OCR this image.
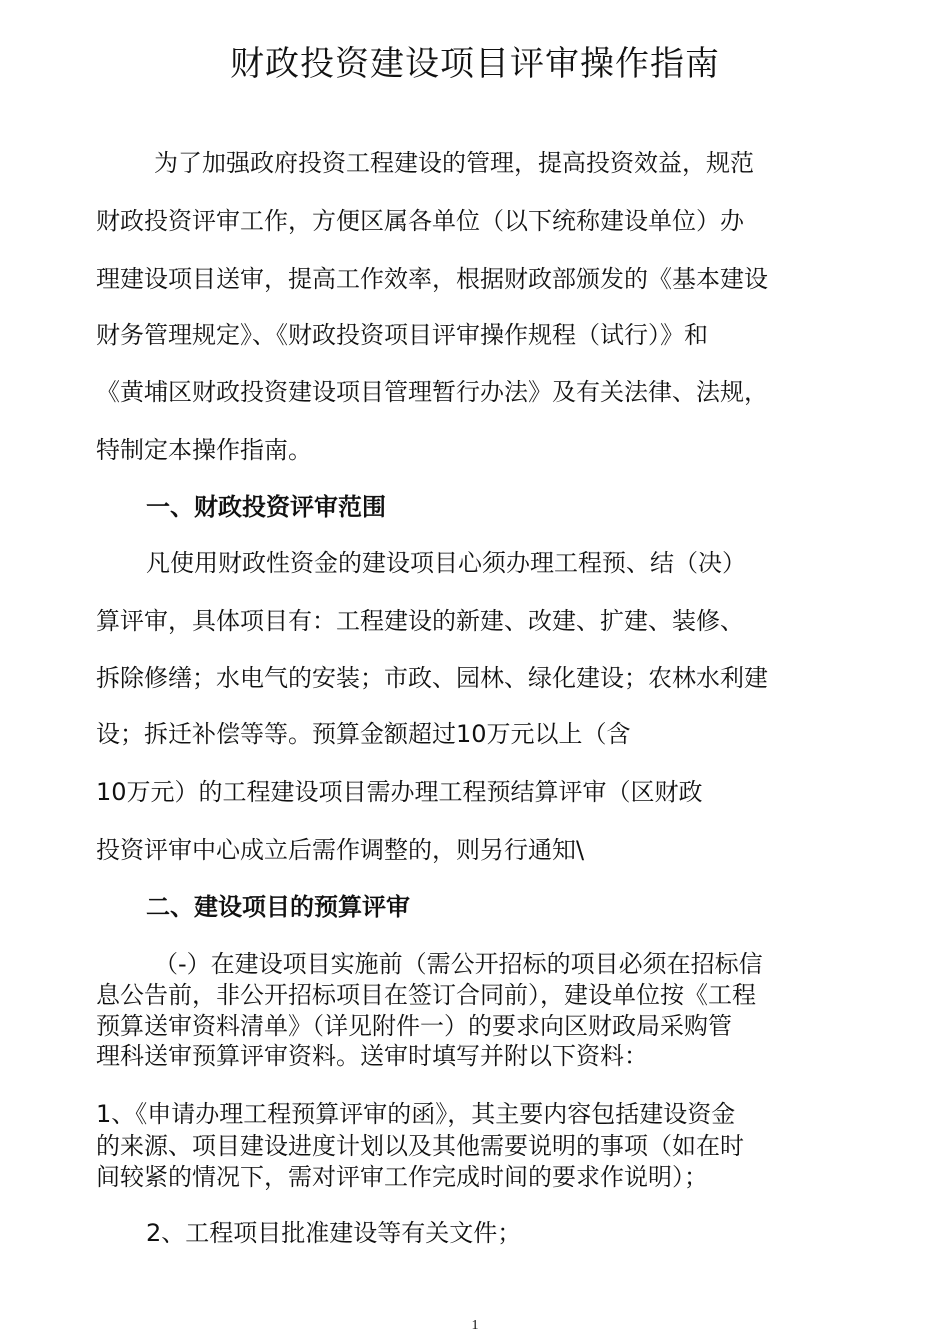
财政投资建设项目评审操作指南
为了加强政府投资工程建设的管理，提高投资效益，规范
财政投资评审工作，方便区属各单位（以下统称建设单位）办
理建设项目送审，提高工作效率，根据财政部颁发的《基本建设
财务管理规定》、《财政投资项目评审操作规程（试行）》和
《黄埔区财政投资建设项目管理暂行办法》及有关法律、法规，
特制定本操作指南。
一、财政投资评审范围
凡使用财政性资金的建设项目心须办理工程预、结（决）
算评审，具体项目有：工程建设的新建、改建、扩建、装修、
拆除修缮；水电气的安装；市政、园林、绿化建设；农林水利建
设；拆迁补偿等等。预算金额超过10万元以上（含
10万元）的工程建设项目需办理工程预结算评审（区财政
投资评审中心成立后需作调整的，则另行通知\
二、建设项目的预算评审
（-）在建设项目实施前（需公开招标的项目必须在招标信
息公告前，非公开招标项目在签订合同前），建设单位按《工程
预算送审资料清单》（详见附件一）的要求向区财政局采购管
理科送审预算评审资料。送审时填写并附以下资料：
1、《申请办理工程预算评审的函》，其主要内容包括建设资金
的来源、项目建设进度计划以及其他需要说明的事项（如在时
间较紧的情况下，需对评审工作完成时间的要求作说明）；
2、工程项目批准建设等有关文件；
1
